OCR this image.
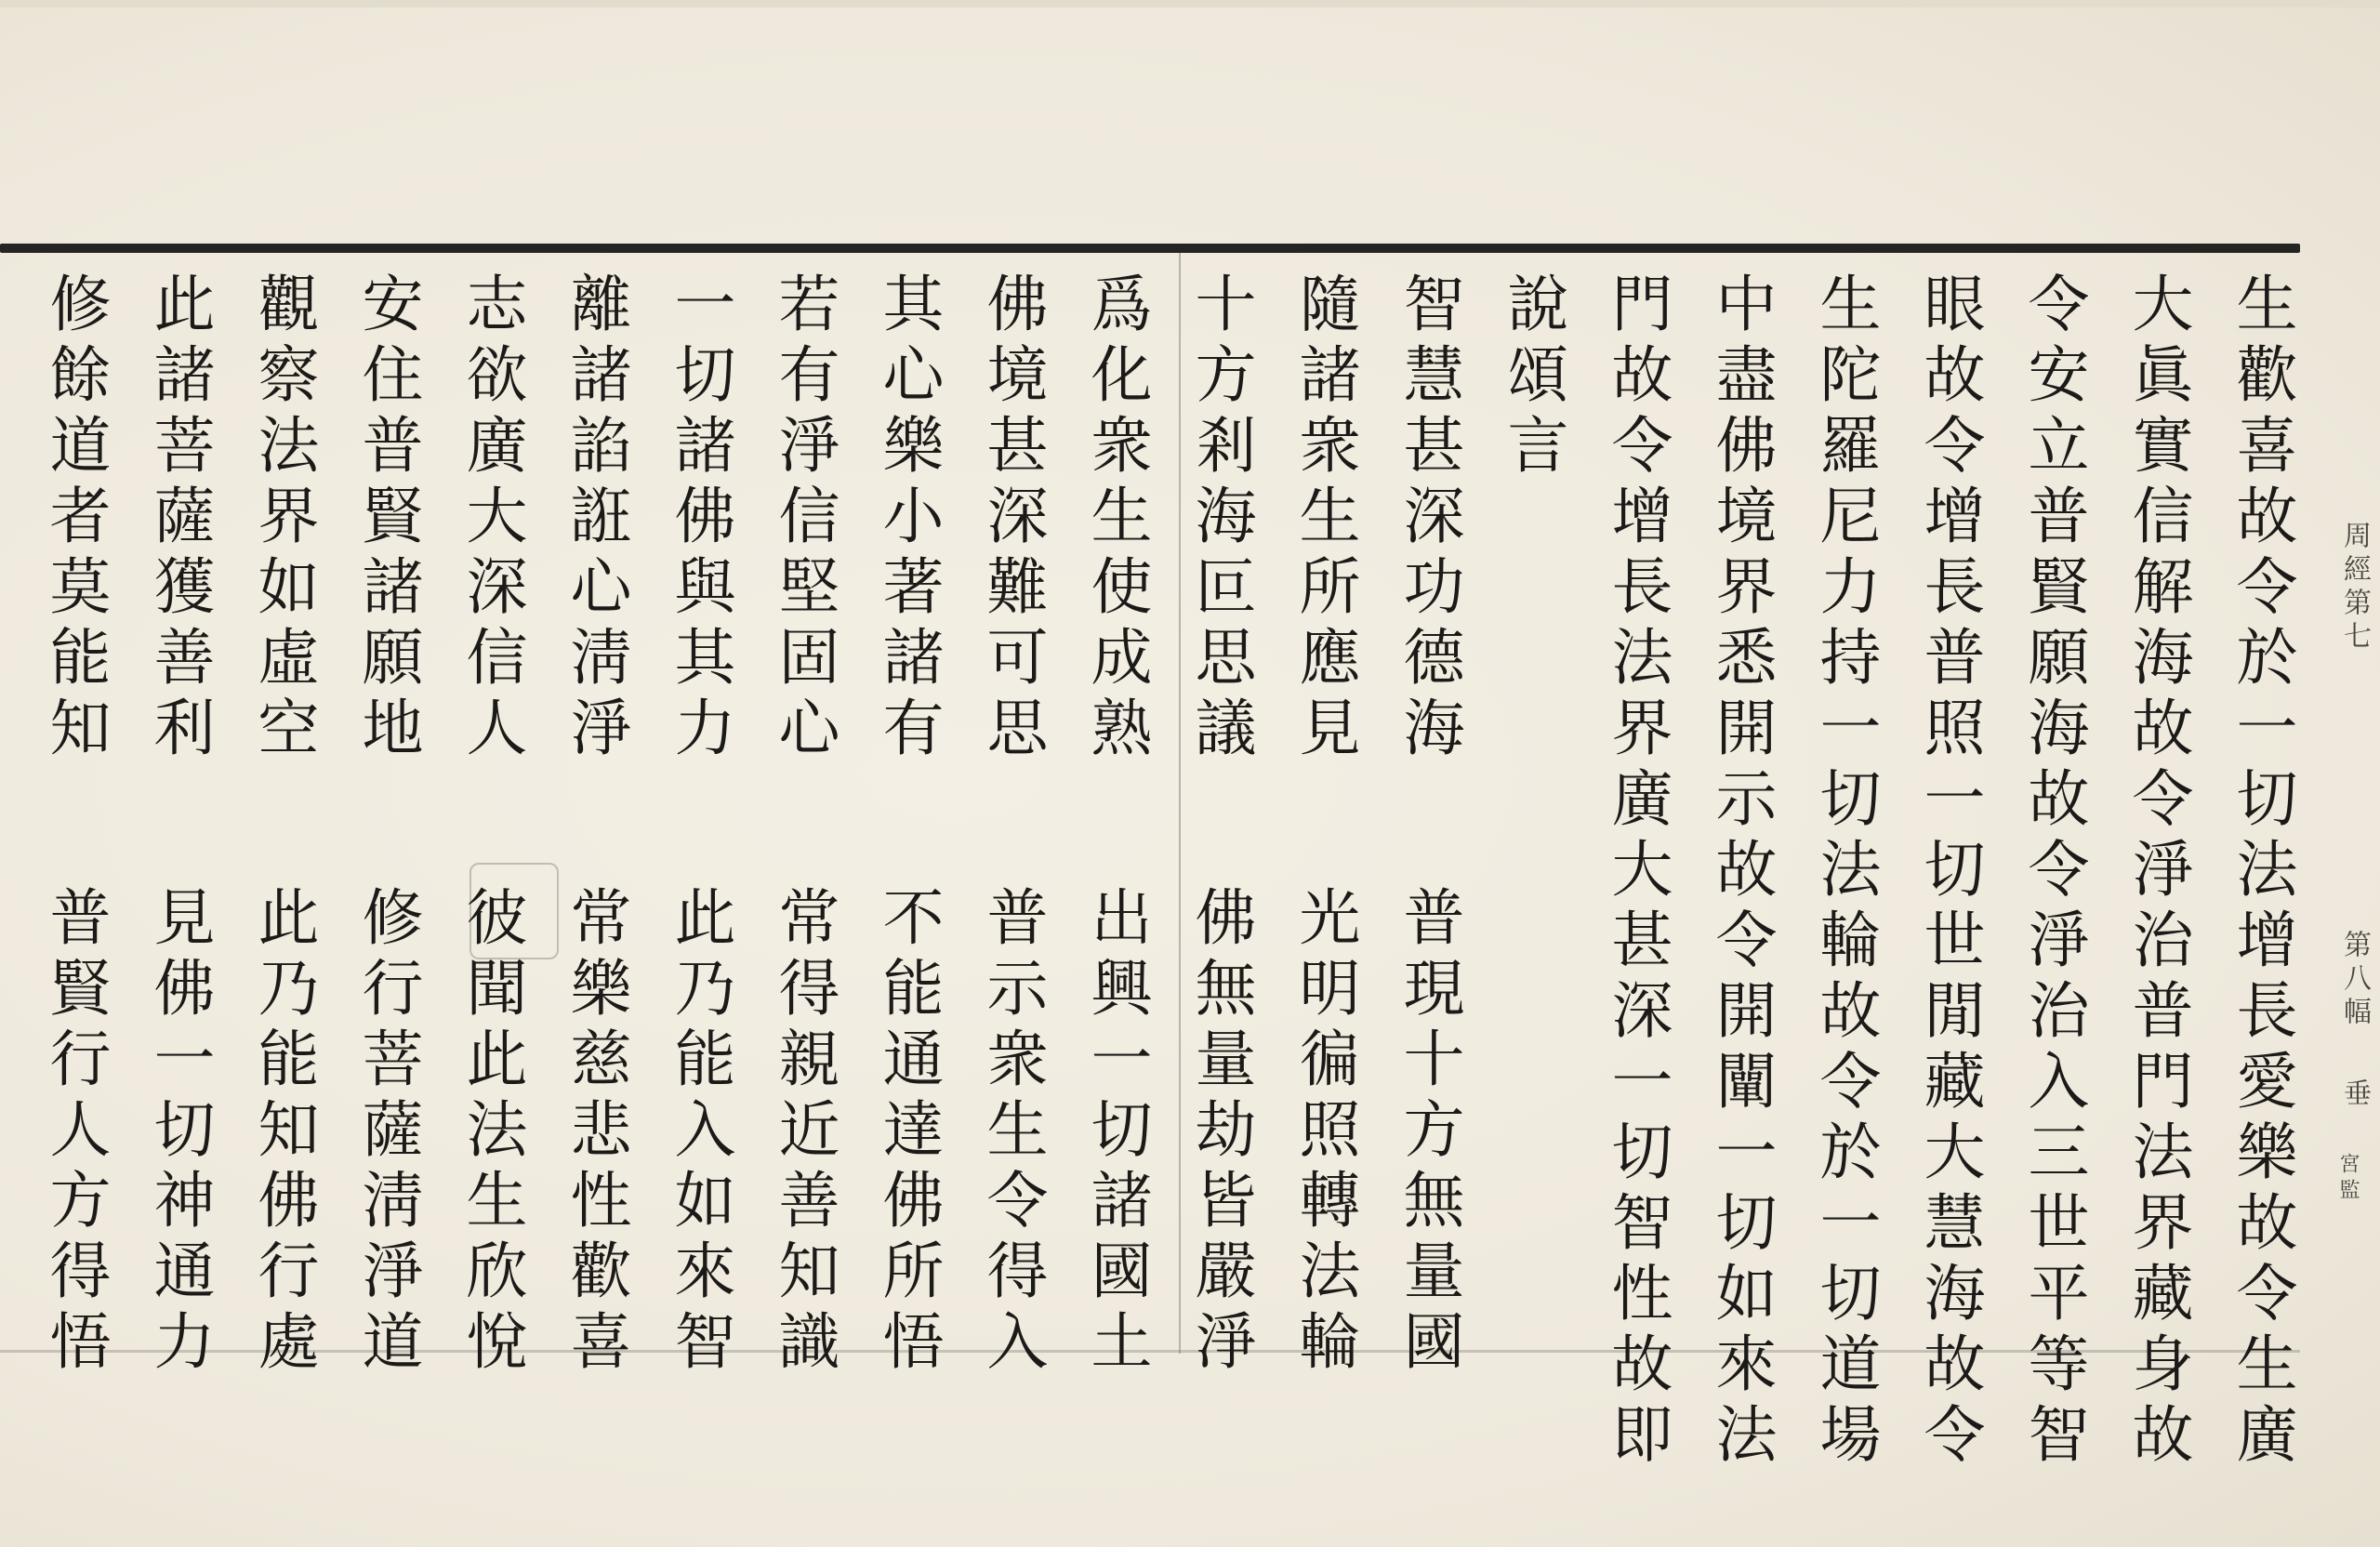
生歡喜故令於一切法增長愛樂故令生廣
大眞實信解海故令淨治普門法界藏身故
令安立普賢願海故令淨治入三世平等智
眼故令增長普照一切世閒藏大慧海故令
生陀羅尼力持一切法輪故令於一切道場
中盡佛境界悉開示故令開闡一切如來法
門故令增長法界廣大甚深一切智性故即
說頌言
智慧甚深功德海
隨諸衆生所應見
十方剎海叵思議
爲化衆生使成熟
佛境甚深難可思
其心樂小著諸有
若有淨信堅固心
一切諸佛與其力
離諸諂誑心淸淨
志欲廣大深信人
安住普賢諸願地
觀察法界如虛空
此諸菩薩獲善利
修餘道者莫能知
普現十方無量國
光明徧照轉法輪
佛無量劫皆嚴淨
出興一切諸國土
普示衆生令得入
不能通達佛所悟
常得親近善知識
此乃能入如來智
常樂慈悲性歡喜
彼聞此法生欣悅
修行菩薩淸淨道
此乃能知佛行處
見佛一切神通力
普賢行人方得悟
周經第七
第八幅
垂
宮監
